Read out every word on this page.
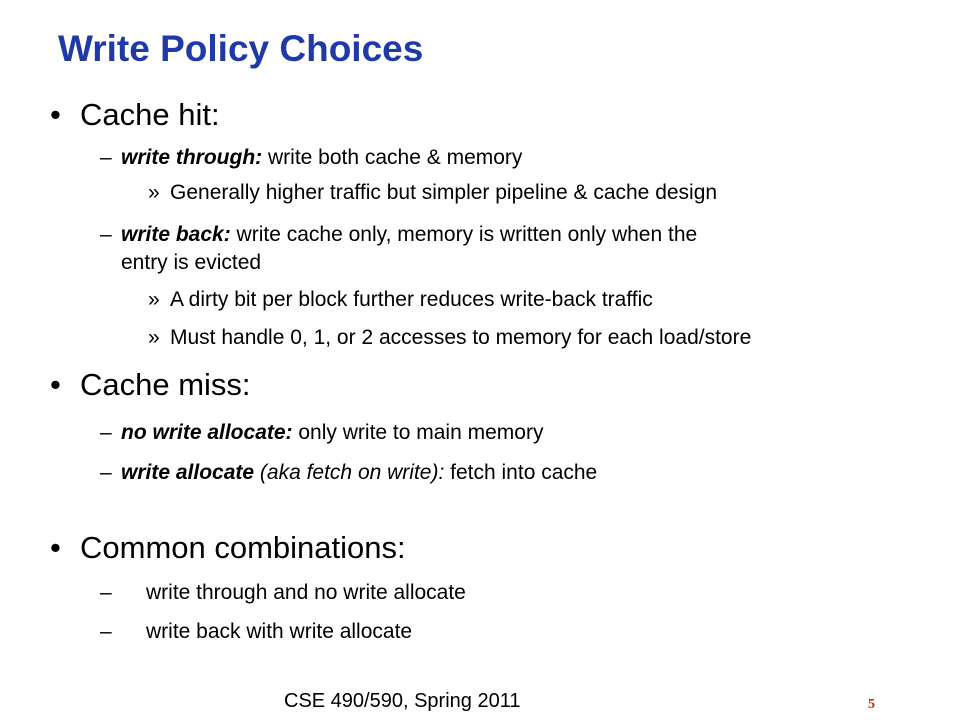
Write Policy Choices
• Cache hit:
– write through: write both cache & memory
» Generally higher traffic but simpler pipeline & cache design
– write back: write cache only, memory is written only when the
entry is evicted
» A dirty bit per block further reduces write-back traffic
» Must handle 0, 1, or 2 accesses to memory for each load/store
• Cache miss:
– no write allocate: only write to main memory
– write allocate (aka fetch on write): fetch into cache
• Common combinations:
– write through and no write allocate
– write back with write allocate
CSE 490/590, Spring 2011	5
